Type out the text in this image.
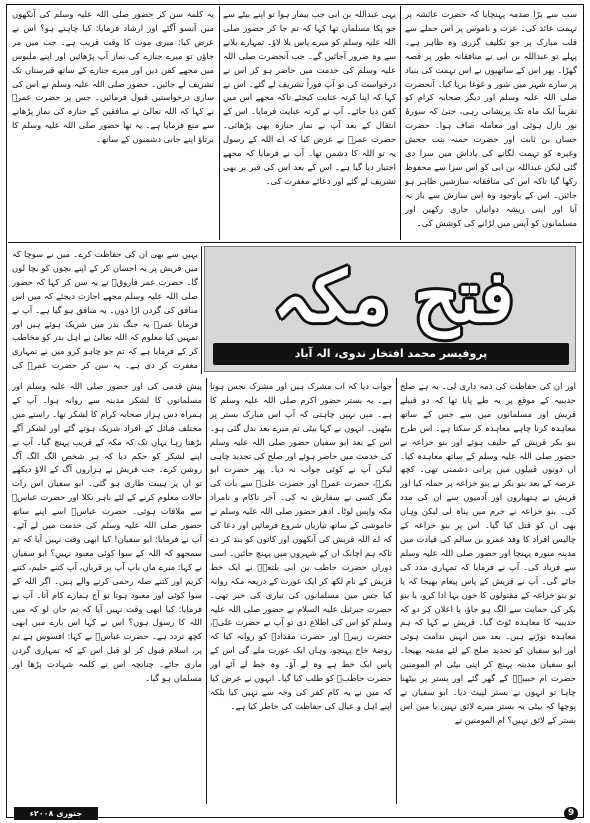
سب سے بڑا صدمہ پہنچایا کہ حضرت عائشہ پر تہمت عائد کی۔ عزت و ناموس پر اس حملے سے قلب مبارک پر جو تکلیف گزری وہ ظاہر ہے۔ پہلے تو عبداللہ بن ابی نے منافقانہ طور پر قصہ گھڑا۔ پھر اس کے ساتھیوں نے اس تہمت کی بنیاد پر سارے شہر میں شور و غوغا برپا کیا۔ آنحضرت صلی اللہ علیہ وسلم اور دیگر صحابہ کرام کو تقریباً ایک ماہ تک پریشانی رہی، حتیٰ کہ سورۂ نور نازل ہوئی اور معاملہ صاف ہوا۔ حضرت حسان بن ثابت اور حضرت حمنہ بنت جحش وغیرہ کو تہمت لگانے کی پاداش میں سزا دی گئی لیکن عبداللہ بن ابی کو اس سزا سے محفوظ رکھا گیا تاکہ اس کی منافقانہ سازشیں ظاہر ہو جائیں۔ اس کے باوجود وہ اس سازش سے باز نہ آیا اور اپنی ریشہ دوانیاں جاری رکھیں اور مسلمانوں کو آپس میں لڑانے کی کوشش کی۔

یہی عبداللہ بن ابی جب بیمار ہوا تو اپنے بیٹے سے جو پکا مسلمان تھا کہا کہ تم جا کر حضور صلی اللہ علیہ وسلم کو میرے پاس بلا لاؤ۔ تمہارے بلانے سے وہ ضرور آجائیں گے۔ جب آنحضرت صلی اللہ علیہ وسلم کی خدمت میں حاضر ہو کر اس نے درخواست کی تو آپ فوراً تشریف لے گئے۔ اس نے کہا کہ اپنا کرتہ عنایت کیجئے تاکہ مجھے اس میں کفن دیا جائے۔ آپ نے کرتہ عنایت فرمایا۔ اس کے انتقال کے بعد آپ نے نماز جنازہ بھی پڑھائی۔ حضرت عمرؓ نے عرض کیا کہ اے اللہ کے رسول یہ تو اللہ کا دشمن تھا۔ آپ نے فرمایا کہ مجھے اختیار دیا گیا ہے۔ اس کے بعد اس کی قبر پر بھی تشریف لے گئے اور دعائے مغفرت کی۔

یہ کلمہ سن کر حضور صلی اللہ علیہ وسلم کی آنکھوں میں آنسو آگئے اور ارشاد فرمایا: کیا چاہتے ہو؟ اس نے عرض کیا: میری موت کا وقت قریب ہے۔ جب میں مر جاؤں تو میرے جنازے کی نماز آپ پڑھائیں اور اپنے ملبوس میں مجھے کفن دیں اور میرے جنازے کے ساتھ قبرستان تک تشریف لے جائیں۔ حضور صلی اللہ علیہ وسلم نے اس کی ساری درخواستیں قبول فرمائیں۔ جس پر حضرت عمرؓ نے کہا کہ اللہ تعالیٰ نے منافقین کے جنازہ کی نماز پڑھانے سے منع فرمایا ہے۔ یہ تھا حضور صلی اللہ علیہ وسلم کا برتاؤ اپنے جانی دشمنوں کے ساتھ۔

فتح مکہ
پروفیسر محمد افتخار ندوی، الہ آباد

یہیں سے بھی ان کی حفاظت کرے۔ میں نے سوچا کہ میں قریش پر یہ احسان کر کے اپنے بچوں کو بچا لوں گا۔ حضرت عمر فاروقؓ نے یہ سن کر کہا کہ حضور صلی اللہ علیہ وسلم مجھے اجازت دیجئے کہ میں اس منافق کی گردن اڑا دوں۔ یہ منافق ہو گیا ہے۔ آپ نے فرمایا عمرؓ یہ جنگ بدر میں شریک ہوئے ہیں اور تمہیں کیا معلوم کہ اللہ تعالیٰ نے اہل بدر کو مخاطب کر کے فرمایا ہے کہ تم جو چاہو کرو میں نے تمہاری مغفرت کر دی ہے۔ یہ سن کر حضرت عمرؓ کی

اور ان کی حفاظت کی ذمہ داری لی۔ یہ ہے صلح حدیبیہ کے موقع پر یہ طے پایا تھا کہ دو قبیلے قریش اور مسلمانوں میں سے جس کے ساتھ معاہدہ کرنا چاہے معاہدہ کر سکتا ہے۔ اس طرح بنو بکر قریش کے حلیف ہوئے اور بنو خزاعہ نے حضور صلی اللہ علیہ وسلم کے ساتھ معاہدہ کیا۔ ان دونوں قبیلوں میں پرانی دشمنی تھی۔ کچھ عرصہ کے بعد بنو بکر نے بنو خزاعہ پر حملہ کیا اور قریش نے ہتھیاروں اور آدمیوں سے ان کی مدد کی۔ بنو خزاعہ نے حرم میں پناہ لی لیکن وہاں بھی ان کو قتل کیا گیا۔ اس پر بنو خزاعہ کے چالیس افراد کا وفد عمرو بن سالم کی قیادت میں مدینہ منورہ پہنچا اور حضور صلی اللہ علیہ وسلم سے فریاد کی۔ آپ نے فرمایا کہ تمہاری مدد کی جائے گی۔ آپ نے قریش کے پاس پیغام بھیجا کہ یا تو بنو خزاعہ کے مقتولوں کا خون بہا ادا کرو، یا بنو بکر کی حمایت سے الگ ہو جاؤ، یا اعلان کر دو کہ حدیبیہ کا معاہدہ ٹوٹ گیا۔ قریش نے کہا کہ ہم معاہدہ توڑتے ہیں۔ بعد میں انہیں ندامت ہوئی اور ابو سفیان کو تجدید صلح کے لئے مدینہ بھیجا۔ ابو سفیان مدینہ پہنچ کر اپنی بیٹی ام المومنین حضرت ام حبیبہؓ کے گھر گئے اور بستر پر بیٹھنا چاہا تو انہوں نے بستر لپیٹ دیا۔ ابو سفیان نے پوچھا کہ بیٹی یہ بستر میرے لائق نہیں یا میں اس بستر کے لائق نہیں؟ ام المومنین نے

جواب دیا کہ اب مشرک ہیں اور مشرک نجس ہوتا ہے۔ یہ بستر حضور اکرم صلی اللہ علیہ وسلم کا ہے۔ میں نہیں چاہتی کہ آپ اس مبارک بستر پر بیٹھیں۔ انہوں نے کہا بیٹی تم میرے بعد بدل گئی ہو۔ اس کے بعد ابو سفیان حضور صلی اللہ علیہ وسلم کی خدمت میں حاضر ہوئے اور صلح کی تجدید چاہی لیکن آپ نے کوئی جواب نہ دیا۔ پھر حضرت ابو بکرؓ، حضرت عمرؓ اور حضرت علیؓ سے بات کی مگر کسی نے سفارش نہ کی۔ آخر ناکام و نامراد مکہ واپس لوٹا۔ ادھر حضور صلی اللہ علیہ وسلم نے خاموشی کے ساتھ تیاریاں شروع فرمائیں اور دعا کی کہ اے اللہ قریش کی آنکھوں اور کانوں کو بند کر دے تاکہ ہم اچانک ان کے شہروں میں پہنچ جائیں۔ اسی دوران حضرت حاطب بن ابی بلتعہؓ نے ایک خط قریش کے نام لکھ کر ایک عورت کے ذریعہ مکہ روانہ کیا جس میں مسلمانوں کی تیاری کی خبر تھی۔ حضرت جبرئیل علیہ السلام نے حضور صلی اللہ علیہ وسلم کو اس کی اطلاع دی تو آپ نے حضرت علیؓ، حضرت زبیرؓ اور حضرت مقدادؓ کو روانہ کیا کہ روضۂ خاخ پہنچو، وہاں ایک عورت ملے گی اس کے پاس ایک خط ہے وہ لے آؤ۔ وہ خط لے آئے اور حضرت حاطبؓ کو طلب کیا گیا۔ انہوں نے عرض کیا کہ میں نے یہ کام کفر کی وجہ سے نہیں کیا بلکہ اپنے اہل و عیال کی حفاظت کی خاطر کیا ہے۔

پیش قدمی کی اور حضور صلی اللہ علیہ وسلم اور مسلمانوں کا لشکر مدینہ سے روانہ ہوا۔ آپ کے ہمراہ دس ہزار صحابہ کرام کا لشکر تھا۔ راستے میں مختلف قبائل کے افراد شریک ہوتے گئے اور لشکر آگے بڑھتا رہا یہاں تک کہ مکہ کے قریب پہنچ گیا۔ آپ نے اپنے لشکر کو حکم دیا کہ ہر شخص الگ الگ آگ روشن کرے۔ جب قریش نے ہزاروں آگ کے الاؤ دیکھے تو ان پر ہیبت طاری ہو گئی۔ ابو سفیان اس رات حالات معلوم کرنے کے لئے باہر نکلا اور حضرت عباسؓ سے ملاقات ہوئی۔ حضرت عباسؓ اسے اپنے ساتھ حضور صلی اللہ علیہ وسلم کی خدمت میں لے آئے۔ آپ نے فرمایا: ابو سفیان! کیا ابھی وقت نہیں آیا کہ تم سمجھو کہ اللہ کے سوا کوئی معبود نہیں؟ ابو سفیان نے کہا: میرے ماں باپ آپ پر قربان، آپ کتنے حلیم، کتنے کریم اور کتنے صلہ رحمی کرنے والے ہیں۔ اگر اللہ کے سوا کوئی اور معبود ہوتا تو آج ہمارے کام آتا۔ آپ نے فرمایا: کیا ابھی وقت نہیں آیا کہ تم جان لو کہ میں اللہ کا رسول ہوں؟ اس نے کہا اس بارے میں ابھی کچھ تردد ہے۔ حضرت عباسؓ نے کہا: افسوس ہے تم پر، اسلام قبول کر لو قبل اس کے کہ تمہاری گردن ماری جائے۔ چنانچہ اس نے کلمہ شہادت پڑھا اور مسلمان ہو گیا۔

جنوری ۲۰۰۸ء	9
